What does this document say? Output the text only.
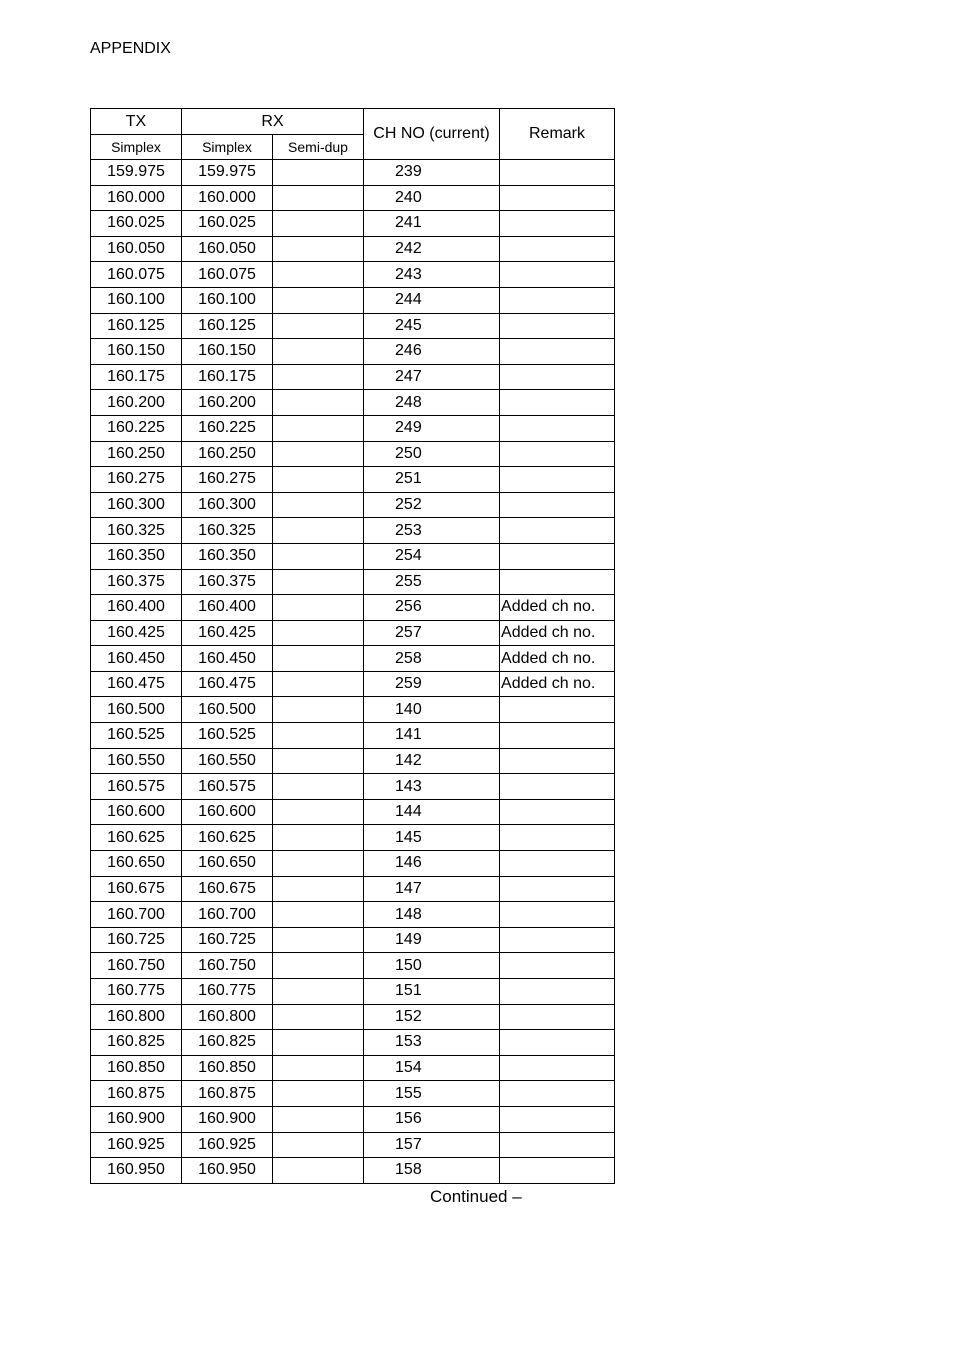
APPENDIX
TX	RX		CH NO (current)	Remark
Simplex	Simplex	Semi-dup		
159.975	159.975		239	
160.000	160.000		240	
160.025	160.025		241	
160.050	160.050		242	
160.075	160.075		243	
160.100	160.100		244	
160.125	160.125		245	
160.150	160.150		246	
160.175	160.175		247	
160.200	160.200		248	
160.225	160.225		249	
160.250	160.250		250	
160.275	160.275		251	
160.300	160.300		252	
160.325	160.325		253	
160.350	160.350		254	
160.375	160.375		255	
160.400	160.400		256	Added ch no.
160.425	160.425		257	Added ch no.
160.450	160.450		258	Added ch no.
160.475	160.475		259	Added ch no.
160.500	160.500		140	
160.525	160.525		141	
160.550	160.550		142	
160.575	160.575		143	
160.600	160.600		144	
160.625	160.625		145	
160.650	160.650		146	
160.675	160.675		147	
160.700	160.700		148	
160.725	160.725		149	
160.750	160.750		150	
160.775	160.775		151	
160.800	160.800		152	
160.825	160.825		153	
160.850	160.850		154	
160.875	160.875		155	
160.900	160.900		156	
160.925	160.925		157	
160.950	160.950		158	
Continued –
